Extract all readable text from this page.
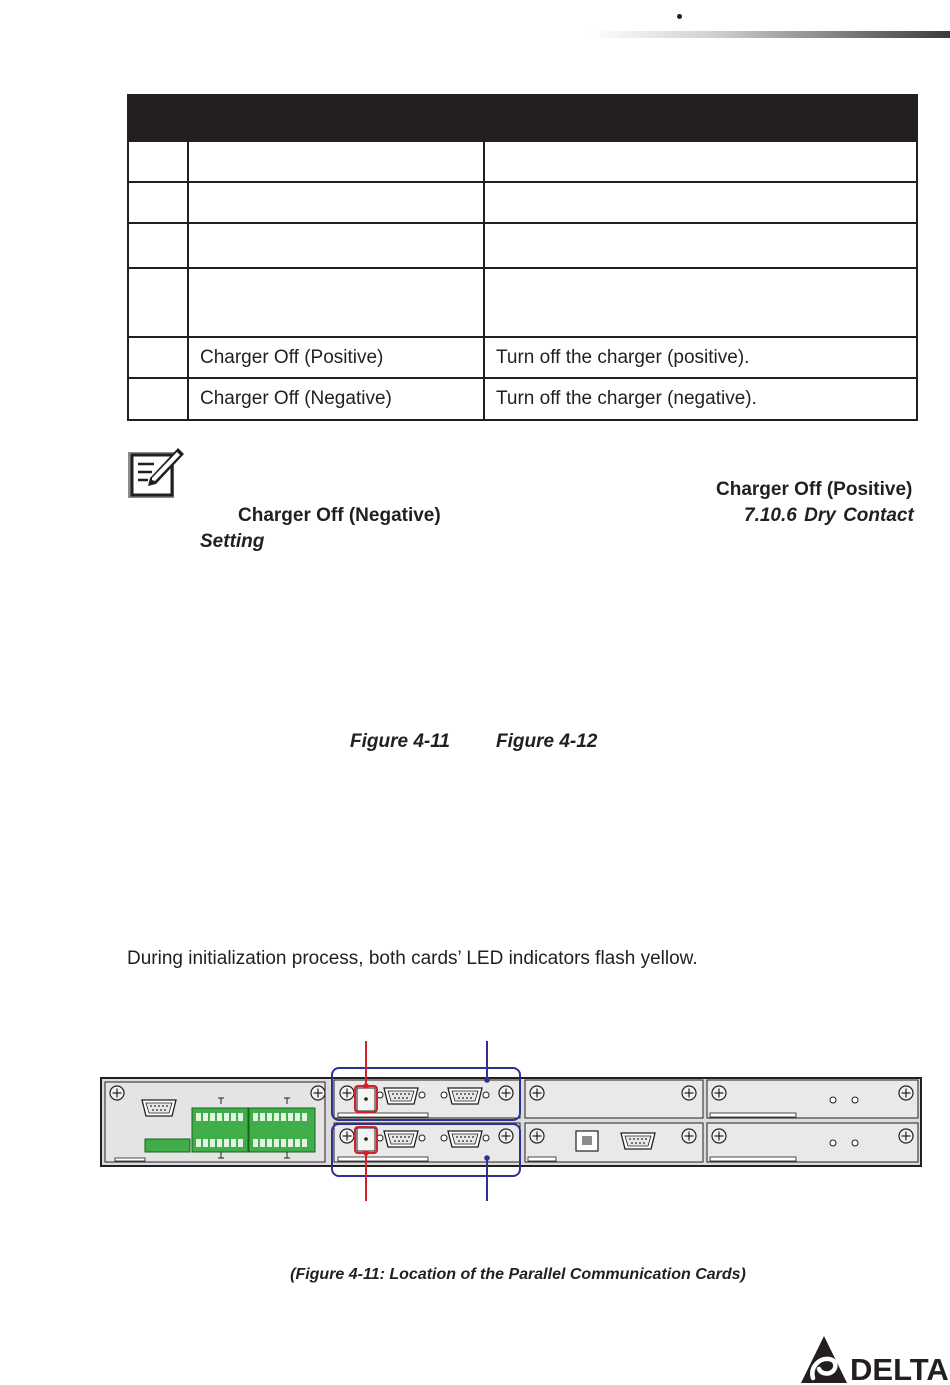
	Charger Off (Positive)	Turn off the charger (positive).
	Charger Off (Negative)	Turn off the charger (negative).
Charger Off (Positive)
Charger Off (Negative)	7.10.6 Dry Contact
Setting
Figure 4-11 Figure 4-12
During initialization process, both cards’ LED indicators flash yellow.
(Figure 4-11: Location of the Parallel Communication Cards)
DELTA
